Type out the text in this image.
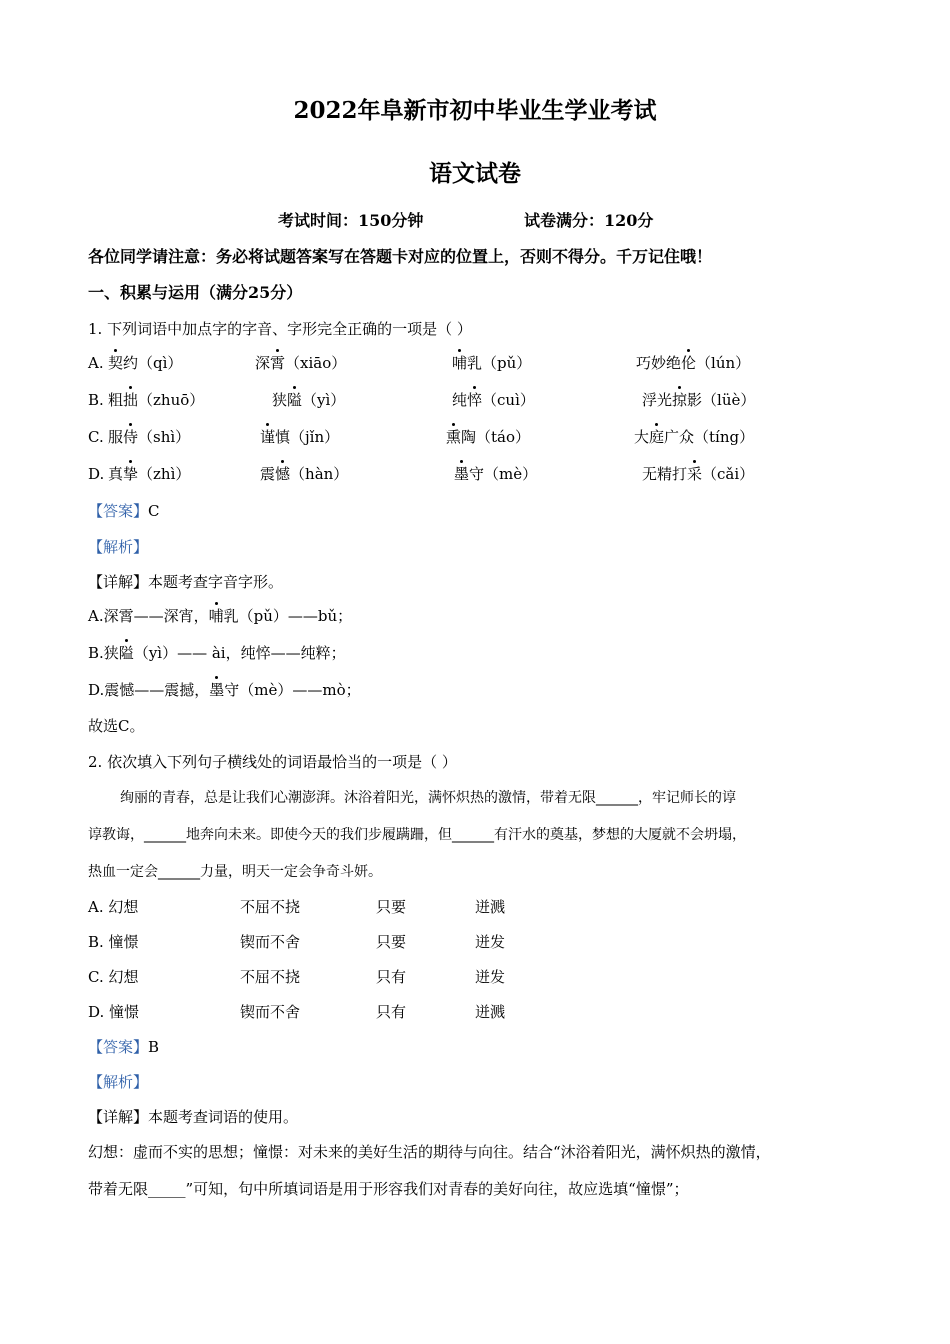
2022年阜新市初中毕业生学业考试
语文试卷
考试时间：150分钟	试卷满分：120分
各位同学请注意：务必将试题答案写在答题卡对应的位置上，否则不得分。千万记住哦！
一、积累与运用（满分25分）
1. 下列词语中加点字的字音、字形完全正确的一项是（ ）
A. 契约（qì）	深霄（xiāo）	哺乳（pǔ）	巧妙绝伦（lún）
B. 粗拙（zhuō）	狭隘（yì）	纯悴（cuì）	浮光掠影（lüè）
C. 服侍（shì）	谨慎（jǐn）	熏陶（táo）	大庭广众（tíng）
D. 真挚（zhì）	震憾（hàn）	墨守（mè）	无精打采（cǎi）
【答案】C
【解析】
【详解】本题考查字音字形。
A.深霄——深宵，哺乳（pǔ）——bǔ；
B.狭隘（yì）—— ài，纯悴——纯粹；
D.震憾——震撼，墨守（mè）——mò；
故选C。
2. 依次填入下列句子横线处的词语最恰当的一项是（ ）
绚丽的青春，总是让我们心潮澎湃。沐浴着阳光，满怀炽热的激情，带着无限______，牢记师长的谆
谆教诲，______地奔向未来。即使今天的我们步履蹒跚，但______有汗水的奠基，梦想的大厦就不会坍塌，
热血一定会______力量，明天一定会争奇斗妍。
A. 幻想	不屈不挠	只要	迸溅
B. 憧憬	锲而不舍	只要	迸发
C. 幻想	不屈不挠	只有	迸发
D. 憧憬	锲而不舍	只有	迸溅
【答案】B
【解析】
【详解】本题考查词语的使用。
幻想：虚而不实的思想；憧憬：对未来的美好生活的期待与向往。结合“沐浴着阳光，满怀炽热的激情，
带着无限_____”可知，句中所填词语是用于形容我们对青春的美好向往，故应选填“憧憬”；
